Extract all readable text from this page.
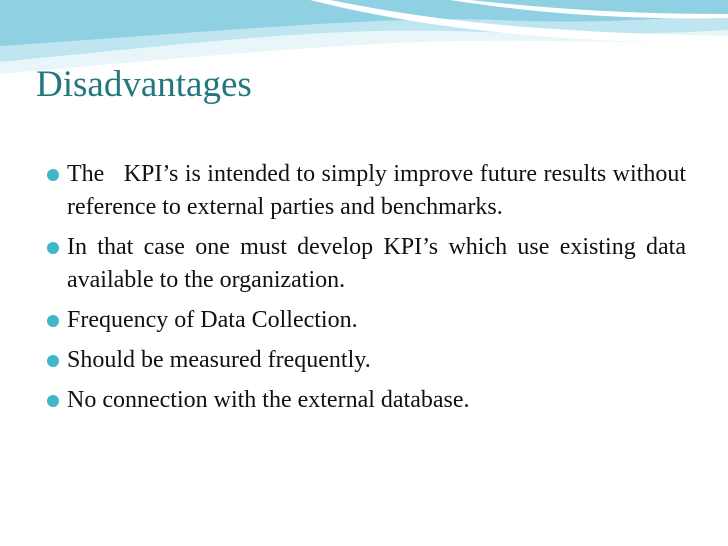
Disadvantages
The   KPI’s is intended to simply improve future results without reference to external parties and benchmarks.
In that case one must develop KPI’s which use existing data available to the organization.
Frequency of Data Collection.
Should be measured frequently.
No connection with the external database.
